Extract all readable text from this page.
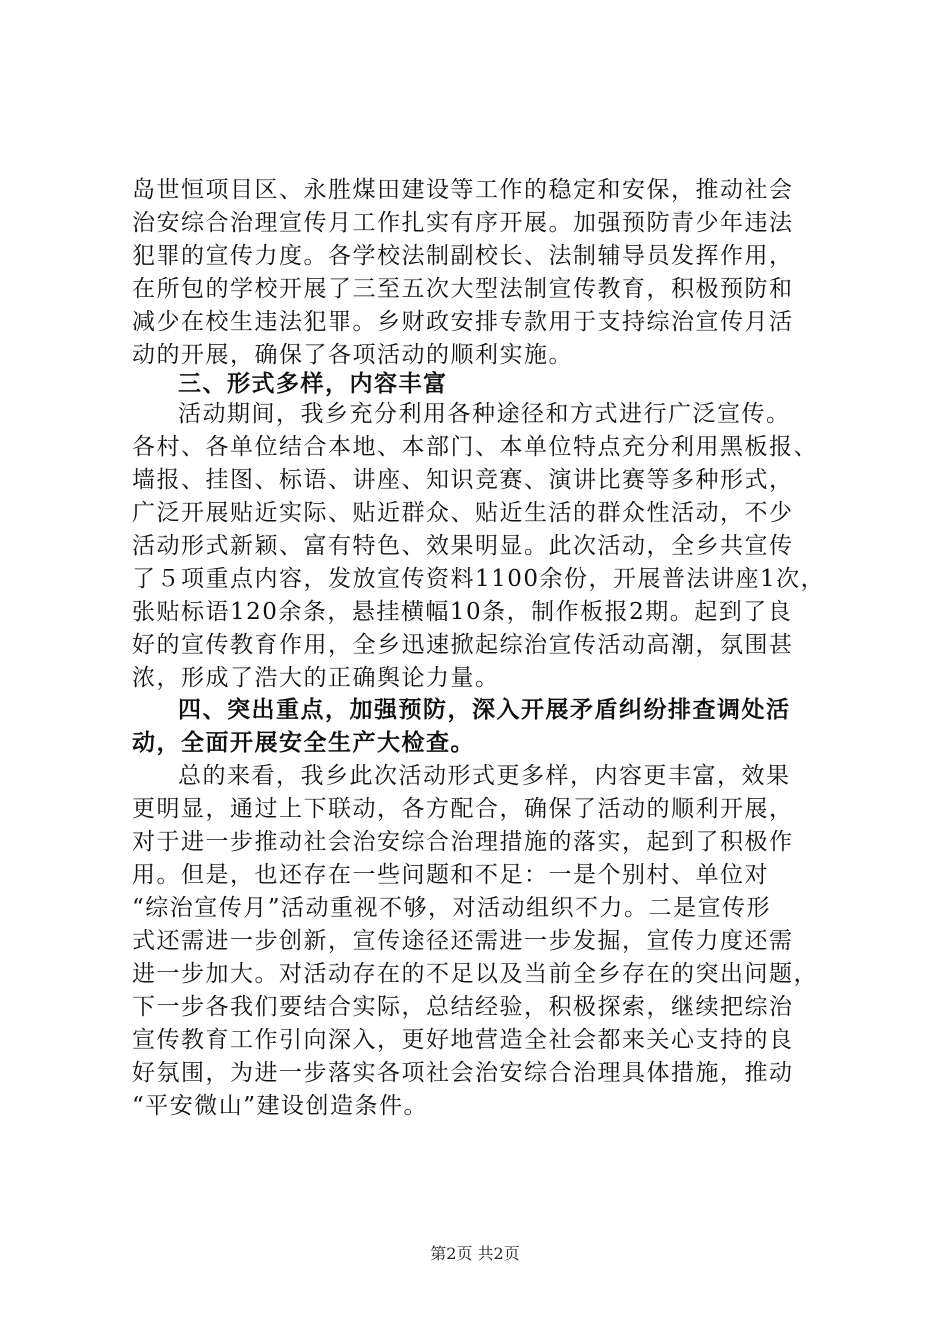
岛世恒项目区、永胜煤田建设等工作的稳定和安保，推动社会
治安综合治理宣传月工作扎实有序开展。加强预防青少年违法
犯罪的宣传力度。各学校法制副校长、法制辅导员发挥作用，
在所包的学校开展了三至五次大型法制宣传教育，积极预防和
减少在校生违法犯罪。乡财政安排专款用于支持综治宣传月活
动的开展，确保了各项活动的顺利实施。
三、形式多样，内容丰富
活动期间，我乡充分利用各种途径和方式进行广泛宣传。
各村、各单位结合本地、本部门、本单位特点充分利用黑板报、
墙报、挂图、标语、讲座、知识竞赛、演讲比赛等多种形式，
广泛开展贴近实际、贴近群众、贴近生活的群众性活动，不少
活动形式新颖、富有特色、效果明显。此次活动，全乡共宣传
了５项重点内容，发放宣传资料1100余份，开展普法讲座1次，
张贴标语120余条，悬挂横幅10条，制作板报2期。起到了良
好的宣传教育作用，全乡迅速掀起综治宣传活动高潮，氛围甚
浓，形成了浩大的正确舆论力量。
四、突出重点，加强预防，深入开展矛盾纠纷排查调处活
动，全面开展安全生产大检查。
总的来看，我乡此次活动形式更多样，内容更丰富，效果
更明显，通过上下联动，各方配合，确保了活动的顺利开展，
对于进一步推动社会治安综合治理措施的落实，起到了积极作
用。但是，也还存在一些问题和不足：一是个别村、单位对
“综治宣传月”活动重视不够，对活动组织不力。二是宣传形
式还需进一步创新，宣传途径还需进一步发掘，宣传力度还需
进一步加大。对活动存在的不足以及当前全乡存在的突出问题，
下一步各我们要结合实际，总结经验，积极探索，继续把综治
宣传教育工作引向深入，更好地营造全社会都来关心支持的良
好氛围，为进一步落实各项社会治安综合治理具体措施，推动
“平安微山”建设创造条件。
第2页 共2页
